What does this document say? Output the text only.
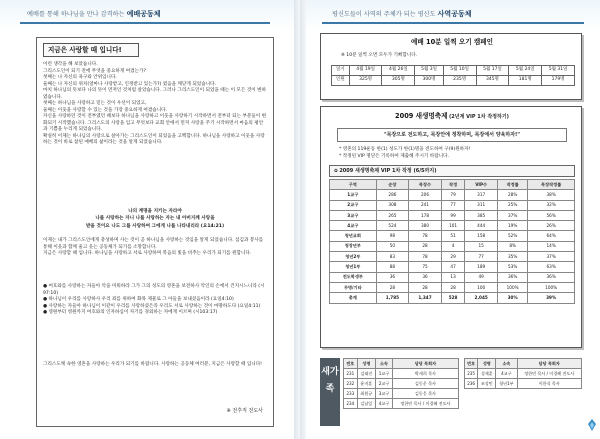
예배를 통해 하나님을 만나 감격하는 예배공동체
지금은 사랑할 때 입니다!
이런 생각을 해 보았습니다.
그리스도인이 되기 전에 무엇을 중요하게 여겼는가?
첫째는 나 자신의 욕구와 안위입니다.
둘째는 나 자신의 위치(얼마나 사랑받고, 인정받고 있는가?) 였음을 깨닫게 되었습니다.
마치 하나님의 뜻보다 나의 뜻이 먼저인 것처럼 살았습니다. 그러나 그리스도인이 되었을 때는 이 모든 것이 변하였습니다.
첫째는 하나님을 사랑하고 믿는 것이 우선이 되었고,
둘째는 이웃을 사랑할 수 있는 것을 가장 중요하게 여겼습니다.
자신을 사랑하던 것이 전부였던 때보다 하나님을 사랑하고 이웃을 사랑하기 시작하면서 전부터 되는 부분들이 변화되기 시작했습니다. 그리스도의 사랑을 입고 무엇보다 교회 안에서 먼저 사랑을 주기 시작하면서 마음의 평안과 기쁨을 누리게 되었습니다.
확실히 이제는 하나님의 사랑으로 살아가는 그리스도인이 되었음을 고백합니다. 하나님을 사랑하고 이웃을 사랑하는 것이 바로 참된 예배의 삶이라는 것을 알게 되었습니다.
나의 계명을 지키는 자라야
나를 사랑하는 자니 나를 사랑하는 자는 내 아버지께 사랑을
받을 것이요 나도 그를 사랑하여 그에게 나를 나타내리라 (요14:21)
이제는 내가 그리스도인에게 충성하며 사는 것이 곧 하나님을 사랑하는 것임을 알게 되었습니다. 섬김과 봉사를 통해 이웃과 함께 울고 웃는 공동체가 되기를 소망합니다.
지금은 사랑할 때 입니다. 하나님을 사랑하고 서로 사랑하며 복음의 빛을 비추는 우리가 되기를 원합니다.
● 여호와를 사랑하는 자들아 악을 미워하라 그가 그의 성도의 영혼을 보전하사 악인의 손에서 건지시느니라 (시97:10)
● 하나님이 우리를 사랑하사 우리 죄를 위하여 화목 제물로 그 아들을 보내셨음이라 (요일4:10)
● 사랑하는 자들아 하나님이 이같이 우리를 사랑하셨은즉 우리도 서로 사랑하는 것이 마땅하도다 (요일4:11)
● 영원부터 영원까지 여호와의 인자하심이 자기를 경외하는 자에게 이르며 (시103:17)
그리스도께 속한 영혼을 사랑하는 우리가 되기를 바랍니다. 사랑하는 공동체 여러분, 지금은 사랑할 때 입니다!
※ 전후직 전도사
평신도들이 사역의 주체가 되는 평신도 사역공동체
예배 10분 일찍 오기 캠페인
※ 10분 일찍 오면 모두가 기뻐합니다.
일시	4월 19일	4월 26일	5월 3일	5월 10일	5월 17일	5월 24일	5월 31일
인원	325명	305명	300명	235명	345명	181명	179명
2009 새생명축제 (2년계 VIP 1차 작정하기)
"목장으로 전도하고, 목장안에 정착하며, 목장에서 양육하자!"
* 영혼의 119운동 한(1) 성도가 한(1)명을 전도하여 구(9)원하자!
* 작정된 VIP 명단은 기록하여 제출해 주시기 바랍니다.
✿ 2009 새생명축제 VIP 1차 작정 (6/5까지)
구역	순장	목장수	작정	VIP수	작정률	목장작정률
1교구	286	206	79	317	28%	38%
2교구	308	241	77	311	25%	32%
3교구	265	178	99	385	37%	56%
4교구	524	380	101	444	19%	26%
청년교회	98	78	51	158	52%	64%
청장년부	50	28	4	15	8%	14%
청년2부	83	78	29	77	35%	37%
청년1부	88	75	47	189	53%	63%
전도학생부	36	36	13	49	36%	36%
무명/기타	28	28	28	100	100%	100%
총계	1,785	1,347	528	2,045	30%	39%
새가족
번호	성명	소속	담당 목회자
231	김태진	1교구	박새희 목사
232	윤지훈	2교구	김동운 목사
233	최원규	3교구	김동웅 목사
234	김남일	4교구	정한민 목사 / 이경혜 전도사
번호	성명	소속	담당 목회자
235	성재훈	4교구	정한민 목사 / 이경혜 전도사
236	조성민	청년1부	이한식 목사
